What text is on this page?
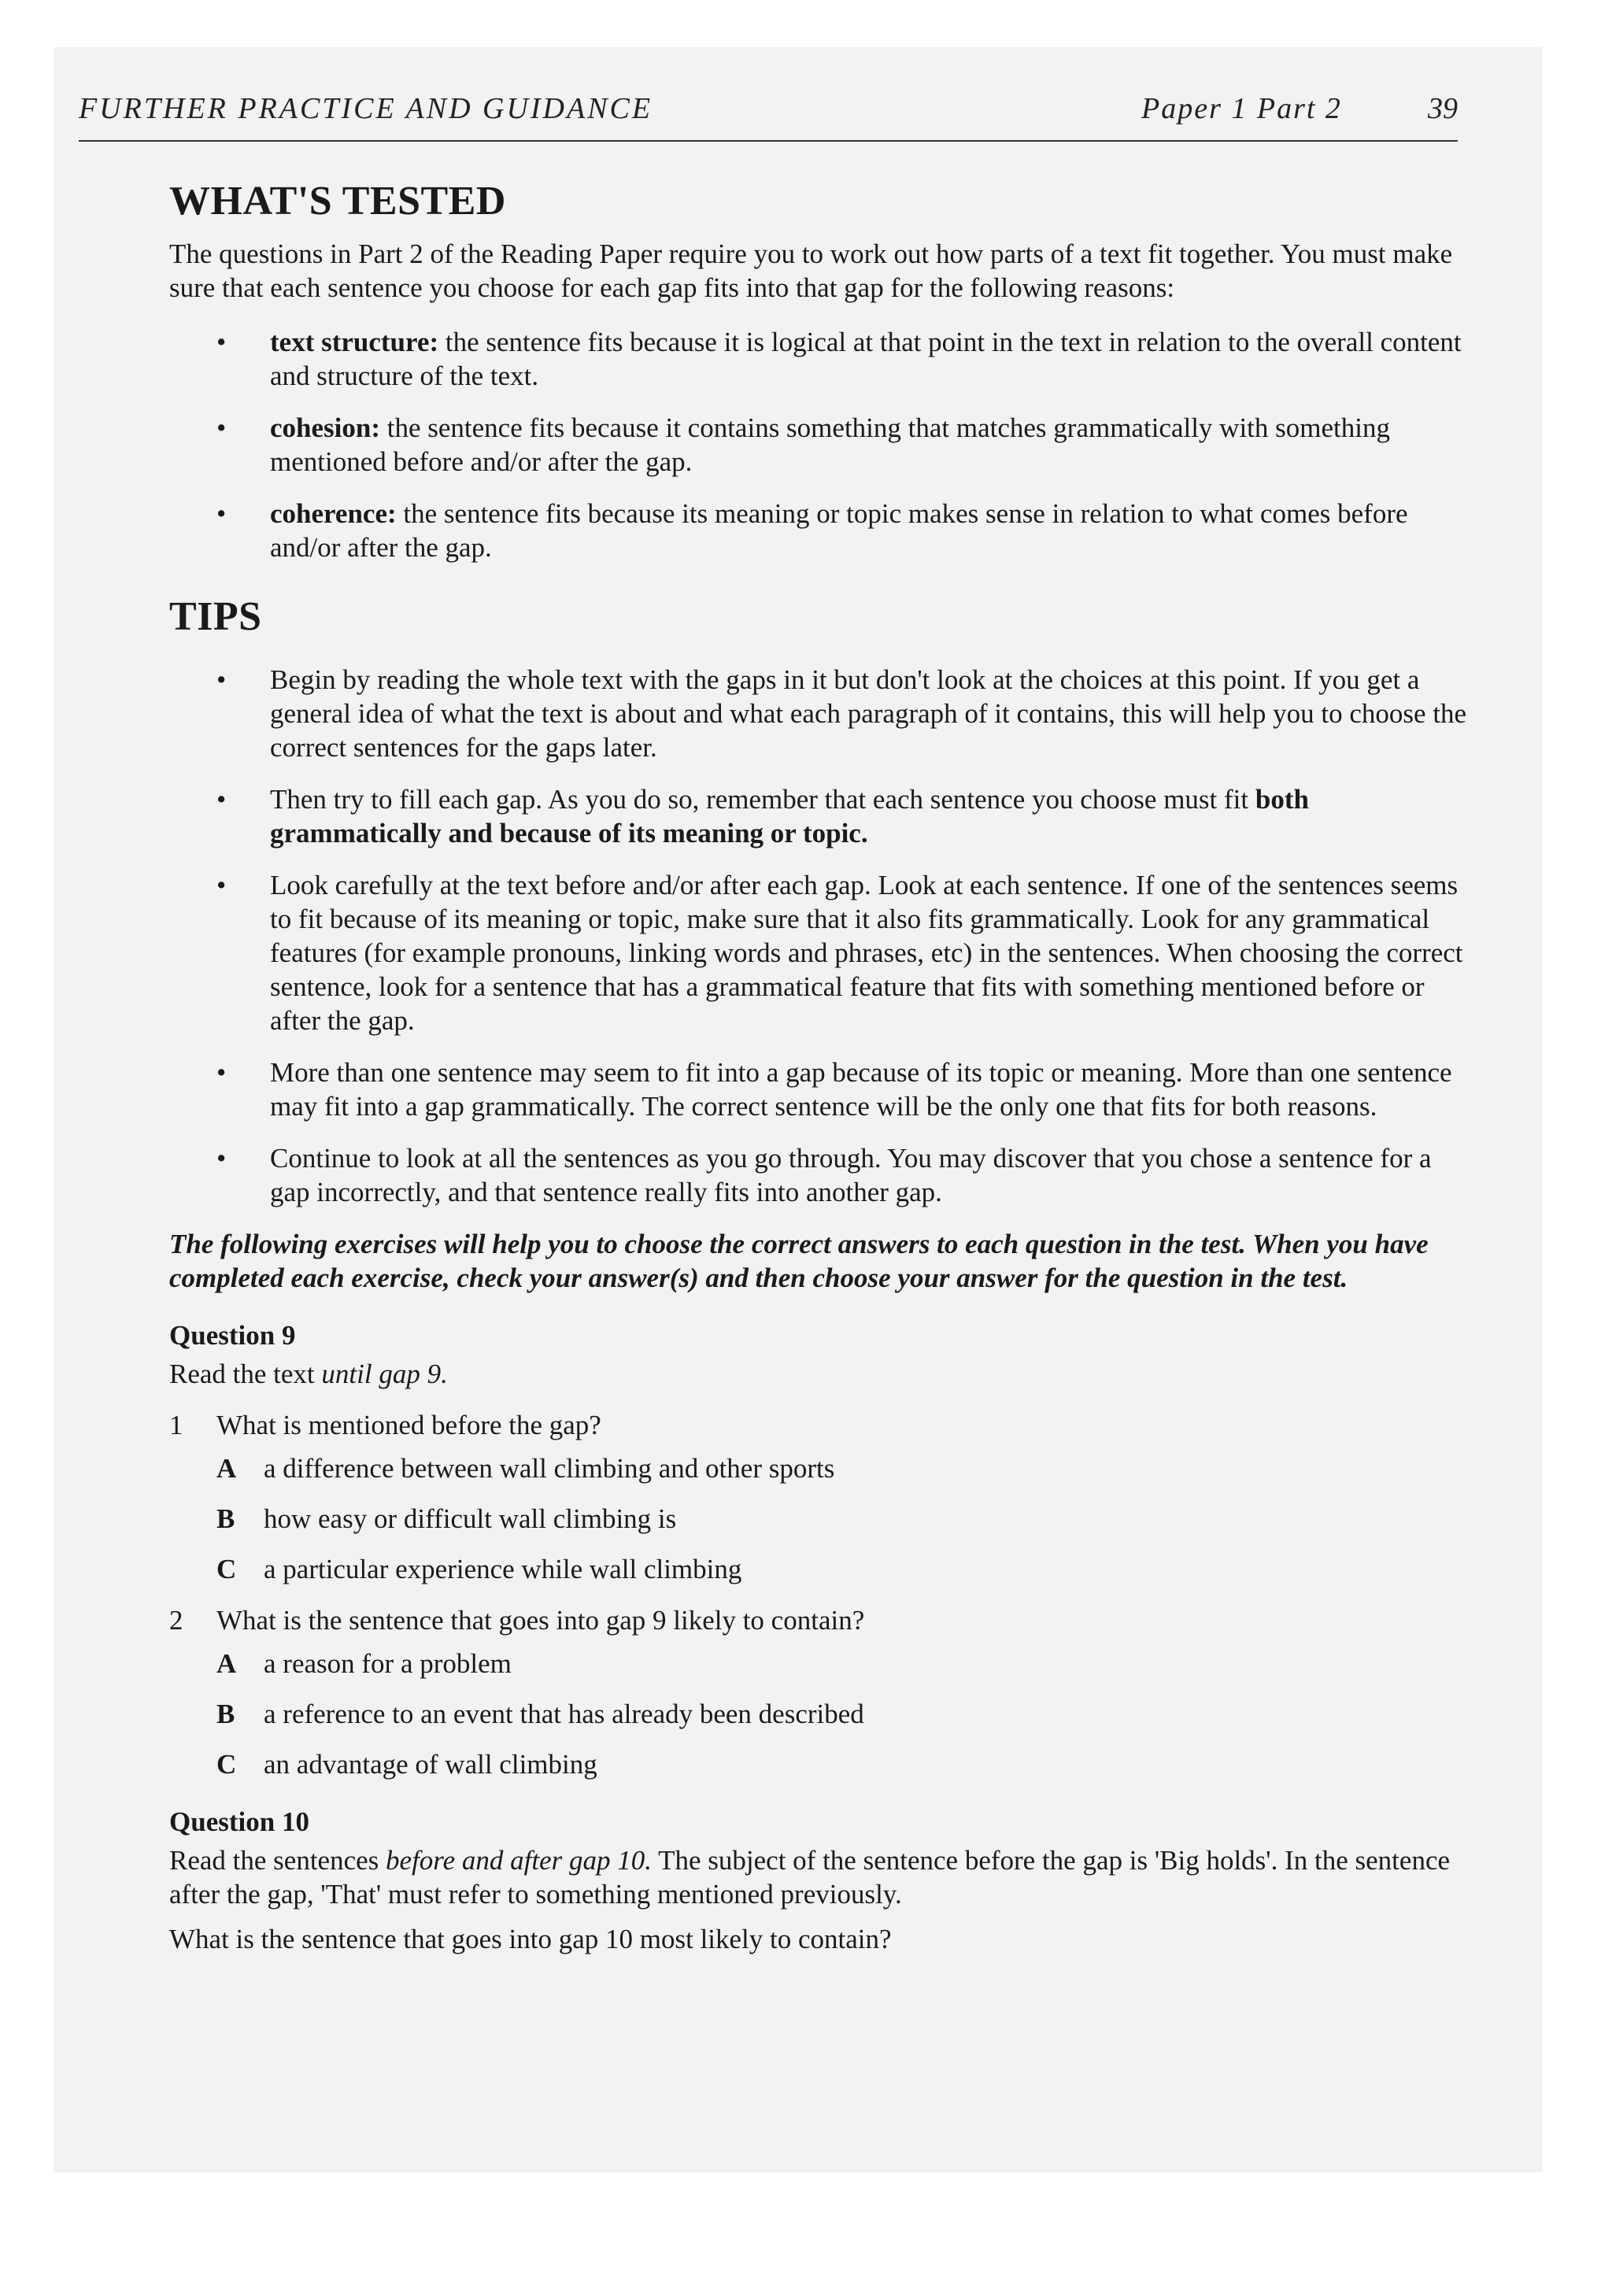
FURTHER PRACTICE AND GUIDANCE	Paper 1 Part 2	39
WHAT'S TESTED

The questions in Part 2 of the Reading Paper require you to work out how parts of a text fit together. You must make sure that each sentence you choose for each gap fits into that gap for the following reasons:

• text structure: the sentence fits because it is logical at that point in the text in relation to the overall content and structure of the text.
• cohesion: the sentence fits because it contains something that matches grammatically with something mentioned before and/or after the gap.
• coherence: the sentence fits because its meaning or topic makes sense in relation to what comes before and/or after the gap.
TIPS
• Begin by reading the whole text with the gaps in it but don't look at the choices at this point. If you get a general idea of what the text is about and what each paragraph of it contains, this will help you to choose the correct sentences for the gaps later.
• Then try to fill each gap. As you do so, remember that each sentence you choose must fit both grammatically and because of its meaning or topic.
• Look carefully at the text before and/or after each gap. Look at each sentence. If one of the sentences seems to fit because of its meaning or topic, make sure that it also fits grammatically. Look for any grammatical features (for example pronouns, linking words and phrases, etc) in the sentences. When choosing the correct sentence, look for a sentence that has a grammatical feature that fits with something mentioned before or after the gap.
• More than one sentence may seem to fit into a gap because of its topic or meaning. More than one sentence may fit into a gap grammatically. The correct sentence will be the only one that fits for both reasons.
• Continue to look at all the sentences as you go through. You may discover that you chose a sentence for a gap incorrectly, and that sentence really fits into another gap.

The following exercises will help you to choose the correct answers to each question in the test. When you have completed each exercise, check your answer(s) and then choose your answer for the question in the test.

Question 9

Read the text until gap 9.

1 What is mentioned before the gap?
A a difference between wall climbing and other sports
B how easy or difficult wall climbing is
C a particular experience while wall climbing
2 What is the sentence that goes into gap 9 likely to contain?
A a reason for a problem
B a reference to an event that has already been described
C an advantage of wall climbing

Question 10

Read the sentences before and after gap 10. The subject of the sentence before the gap is 'Big holds'. In the sentence after the gap, 'That' must refer to something mentioned previously.

What is the sentence that goes into gap 10 most likely to contain?
